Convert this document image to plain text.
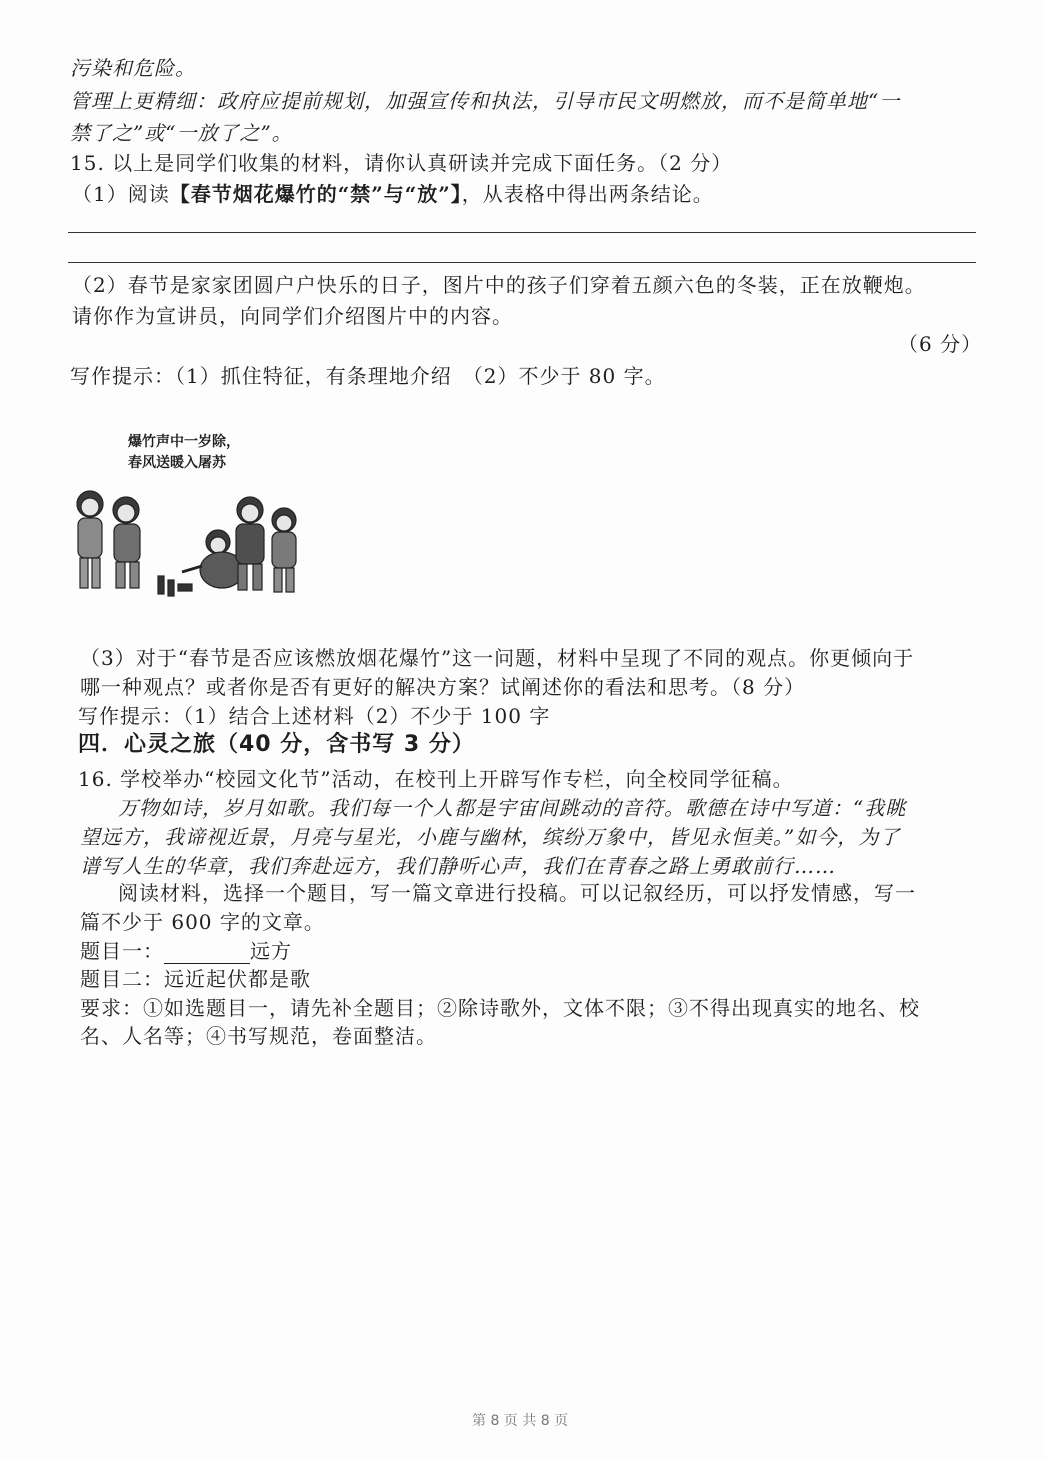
污染和危险。
管理上更精细：政府应提前规划，加强宣传和执法，引导市民文明燃放，而不是简单地“一
禁了之”或“一放了之”。
15. 以上是同学们收集的材料，请你认真研读并完成下面任务。（2 分）
（1）阅读【春节烟花爆竹的“禁”与“放”】，从表格中得出两条结论。
（2）春节是家家团圆户户快乐的日子，图片中的孩子们穿着五颜六色的冬装，正在放鞭炮。
请你作为宣讲员，向同学们介绍图片中的内容。
（6 分）
写作提示：（1）抓住特征，有条理地介绍　（2）不少于 80 字。
爆竹声中一岁除，
春风送暖入屠苏
（3）对于“春节是否应该燃放烟花爆竹”这一问题，材料中呈现了不同的观点。你更倾向于
哪一种观点？或者你是否有更好的解决方案？试阐述你的看法和思考。（8 分）
写作提示：（1）结合上述材料（2）不少于 100 字
四．心灵之旅（40 分，含书写 3 分）
16. 学校举办“校园文化节”活动，在校刊上开辟写作专栏，向全校同学征稿。
万物如诗，岁月如歌。我们每一个人都是宇宙间跳动的音符。歌德在诗中写道：“我眺
望远方，我谛视近景，月亮与星光，小鹿与幽林，缤纷万象中，皆见永恒美。”如今，为了
谱写人生的华章，我们奔赴远方，我们静听心声，我们在青春之路上勇敢前行……
阅读材料，选择一个题目，写一篇文章进行投稿。可以记叙经历，可以抒发情感，写一
篇不少于 600 字的文章。
题目一：	远方
题目二：远近起伏都是歌
要求：①如选题目一，请先补全题目；②除诗歌外，文体不限；③不得出现真实的地名、校
名、人名等；④书写规范，卷面整洁。
第 8 页 共 8 页
